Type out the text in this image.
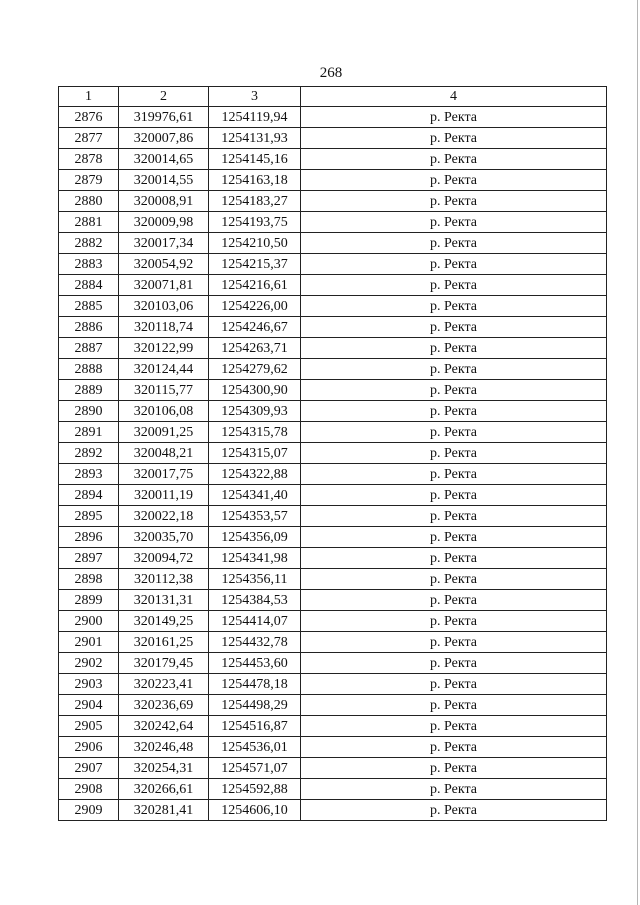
268
1	2	3	4
2876	319976,61	1254119,94	р. Ректа
2877	320007,86	1254131,93	р. Ректа
2878	320014,65	1254145,16	р. Ректа
2879	320014,55	1254163,18	р. Ректа
2880	320008,91	1254183,27	р. Ректа
2881	320009,98	1254193,75	р. Ректа
2882	320017,34	1254210,50	р. Ректа
2883	320054,92	1254215,37	р. Ректа
2884	320071,81	1254216,61	р. Ректа
2885	320103,06	1254226,00	р. Ректа
2886	320118,74	1254246,67	р. Ректа
2887	320122,99	1254263,71	р. Ректа
2888	320124,44	1254279,62	р. Ректа
2889	320115,77	1254300,90	р. Ректа
2890	320106,08	1254309,93	р. Ректа
2891	320091,25	1254315,78	р. Ректа
2892	320048,21	1254315,07	р. Ректа
2893	320017,75	1254322,88	р. Ректа
2894	320011,19	1254341,40	р. Ректа
2895	320022,18	1254353,57	р. Ректа
2896	320035,70	1254356,09	р. Ректа
2897	320094,72	1254341,98	р. Ректа
2898	320112,38	1254356,11	р. Ректа
2899	320131,31	1254384,53	р. Ректа
2900	320149,25	1254414,07	р. Ректа
2901	320161,25	1254432,78	р. Ректа
2902	320179,45	1254453,60	р. Ректа
2903	320223,41	1254478,18	р. Ректа
2904	320236,69	1254498,29	р. Ректа
2905	320242,64	1254516,87	р. Ректа
2906	320246,48	1254536,01	р. Ректа
2907	320254,31	1254571,07	р. Ректа
2908	320266,61	1254592,88	р. Ректа
2909	320281,41	1254606,10	р. Ректа
